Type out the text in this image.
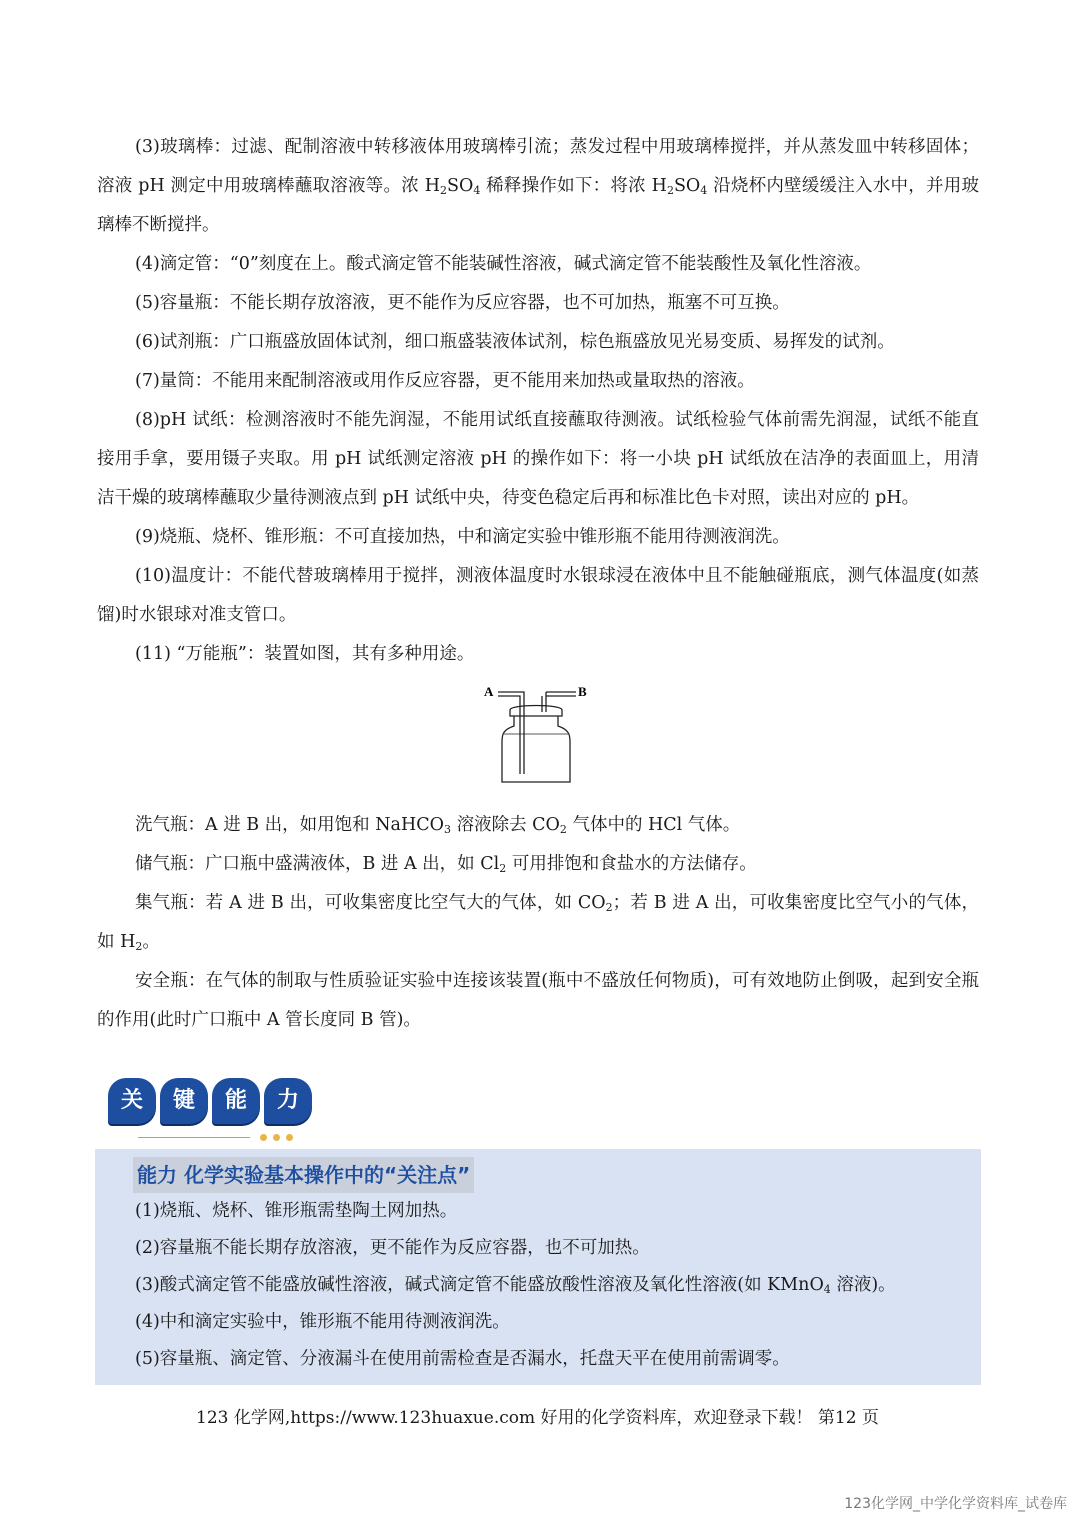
(3)玻璃棒：过滤、配制溶液中转移液体用玻璃棒引流；蒸发过程中用玻璃棒搅拌，并从蒸发皿中转移固体；溶液 pH 测定中用玻璃棒蘸取溶液等。浓 $H_2SO_4$ 稀释操作如下：将浓 $H_2SO_4$ 沿烧杯内壁缓缓注入水中，并用玻璃棒不断搅拌。

(4)滴定管：“0”刻度在上。酸式滴定管不能装碱性溶液，碱式滴定管不能装酸性及氧化性溶液。

(5)容量瓶：不能长期存放溶液，更不能作为反应容器，也不可加热，瓶塞不可互换。

(6)试剂瓶：广口瓶盛放固体试剂，细口瓶盛装液体试剂，棕色瓶盛放见光易变质、易挥发的试剂。

(7)量筒：不能用来配制溶液或用作反应容器，更不能用来加热或量取热的溶液。

(8)pH 试纸：检测溶液时不能先润湿，不能用试纸直接蘸取待测液。试纸检验气体前需先润湿，试纸不能直接用手拿，要用镊子夹取。用 pH 试纸测定溶液 pH 的操作如下：将一小块 pH 试纸放在洁净的表面皿上，用清洁干燥的玻璃棒蘸取少量待测液点到 pH 试纸中央，待变色稳定后再和标准比色卡对照，读出对应的 pH。

(9)烧瓶、烧杯、锥形瓶：不可直接加热，中和滴定实验中锥形瓶不能用待测液润洗。

(10)温度计：不能代替玻璃棒用于搅拌，测液体温度时水银球浸在液体中且不能触碰瓶底，测气体温度(如蒸馏)时水银球对准支管口。

(11) “万能瓶”：装置如图，其有多种用途。

A	B

洗气瓶：A 进 B 出，如用饱和 NaHCO$_3$ 溶液除去 $CO_2$ 气体中的 HCl 气体。

储气瓶：广口瓶中盛满液体，B 进 A 出，如 $Cl_2$ 可用排饱和食盐水的方法储存。

集气瓶：若 A 进 B 出，可收集密度比空气大的气体，如 $CO_2$；若 B 进 A 出，可收集密度比空气小的气体，如 $H_2$。

安全瓶：在气体的制取与性质验证实验中连接该装置(瓶中不盛放任何物质)，可有效地防止倒吸，起到安全瓶的作用(此时广口瓶中 A 管长度同 B 管)。

关	键	能	力
能力 化学实验基本操作中的“关注点”

(1)烧瓶、烧杯、锥形瓶需垫陶土网加热。

(2)容量瓶不能长期存放溶液，更不能作为反应容器，也不可加热。

(3)酸式滴定管不能盛放碱性溶液，碱式滴定管不能盛放酸性溶液及氧化性溶液(如 KMnO$_4$ 溶液)。

(4)中和滴定实验中，锥形瓶不能用待测液润洗。

(5)容量瓶、滴定管、分液漏斗在使用前需检查是否漏水，托盘天平在使用前需调零。

123 化学网,https://www.123huaxue.com 好用的化学资料库，欢迎登录下载！ 第12 页
123化学网_中学化学资料库_试卷库
